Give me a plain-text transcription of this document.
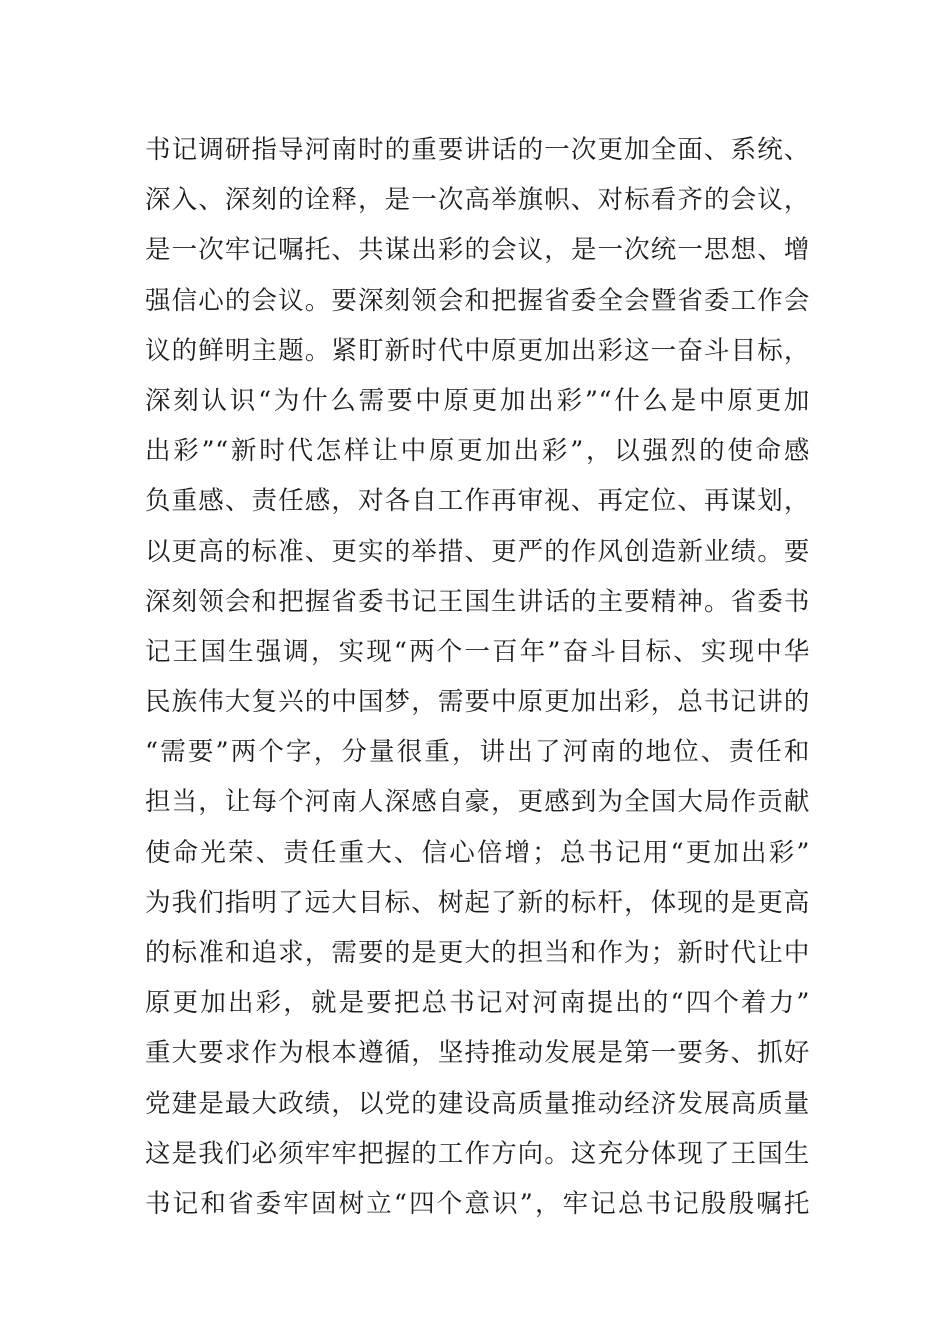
书记调研指导河南时的重要讲话的一次更加全面、系统、
深入、深刻的诠释，是一次高举旗帜、对标看齐的会议，
是一次牢记嘱托、共谋出彩的会议，是一次统一思想、增
强信心的会议。要深刻领会和把握省委全会暨省委工作会
议的鲜明主题。紧盯新时代中原更加出彩这一奋斗目标，
深刻认识“为什么需要中原更加出彩”“什么是中原更加
出彩”“新时代怎样让中原更加出彩”，以强烈的使命感
负重感、责任感，对各自工作再审视、再定位、再谋划，
以更高的标准、更实的举措、更严的作风创造新业绩。要
深刻领会和把握省委书记王国生讲话的主要精神。省委书
记王国生强调，实现“两个一百年”奋斗目标、实现中华
民族伟大复兴的中国梦，需要中原更加出彩，总书记讲的
“需要”两个字，分量很重，讲出了河南的地位、责任和
担当，让每个河南人深感自豪，更感到为全国大局作贡献
使命光荣、责任重大、信心倍增；总书记用“更加出彩”
为我们指明了远大目标、树起了新的标杆，体现的是更高
的标准和追求，需要的是更大的担当和作为；新时代让中
原更加出彩，就是要把总书记对河南提出的“四个着力”
重大要求作为根本遵循，坚持推动发展是第一要务、抓好
党建是最大政绩，以党的建设高质量推动经济发展高质量
这是我们必须牢牢把握的工作方向。这充分体现了王国生
书记和省委牢固树立“四个意识”，牢记总书记殷殷嘱托
